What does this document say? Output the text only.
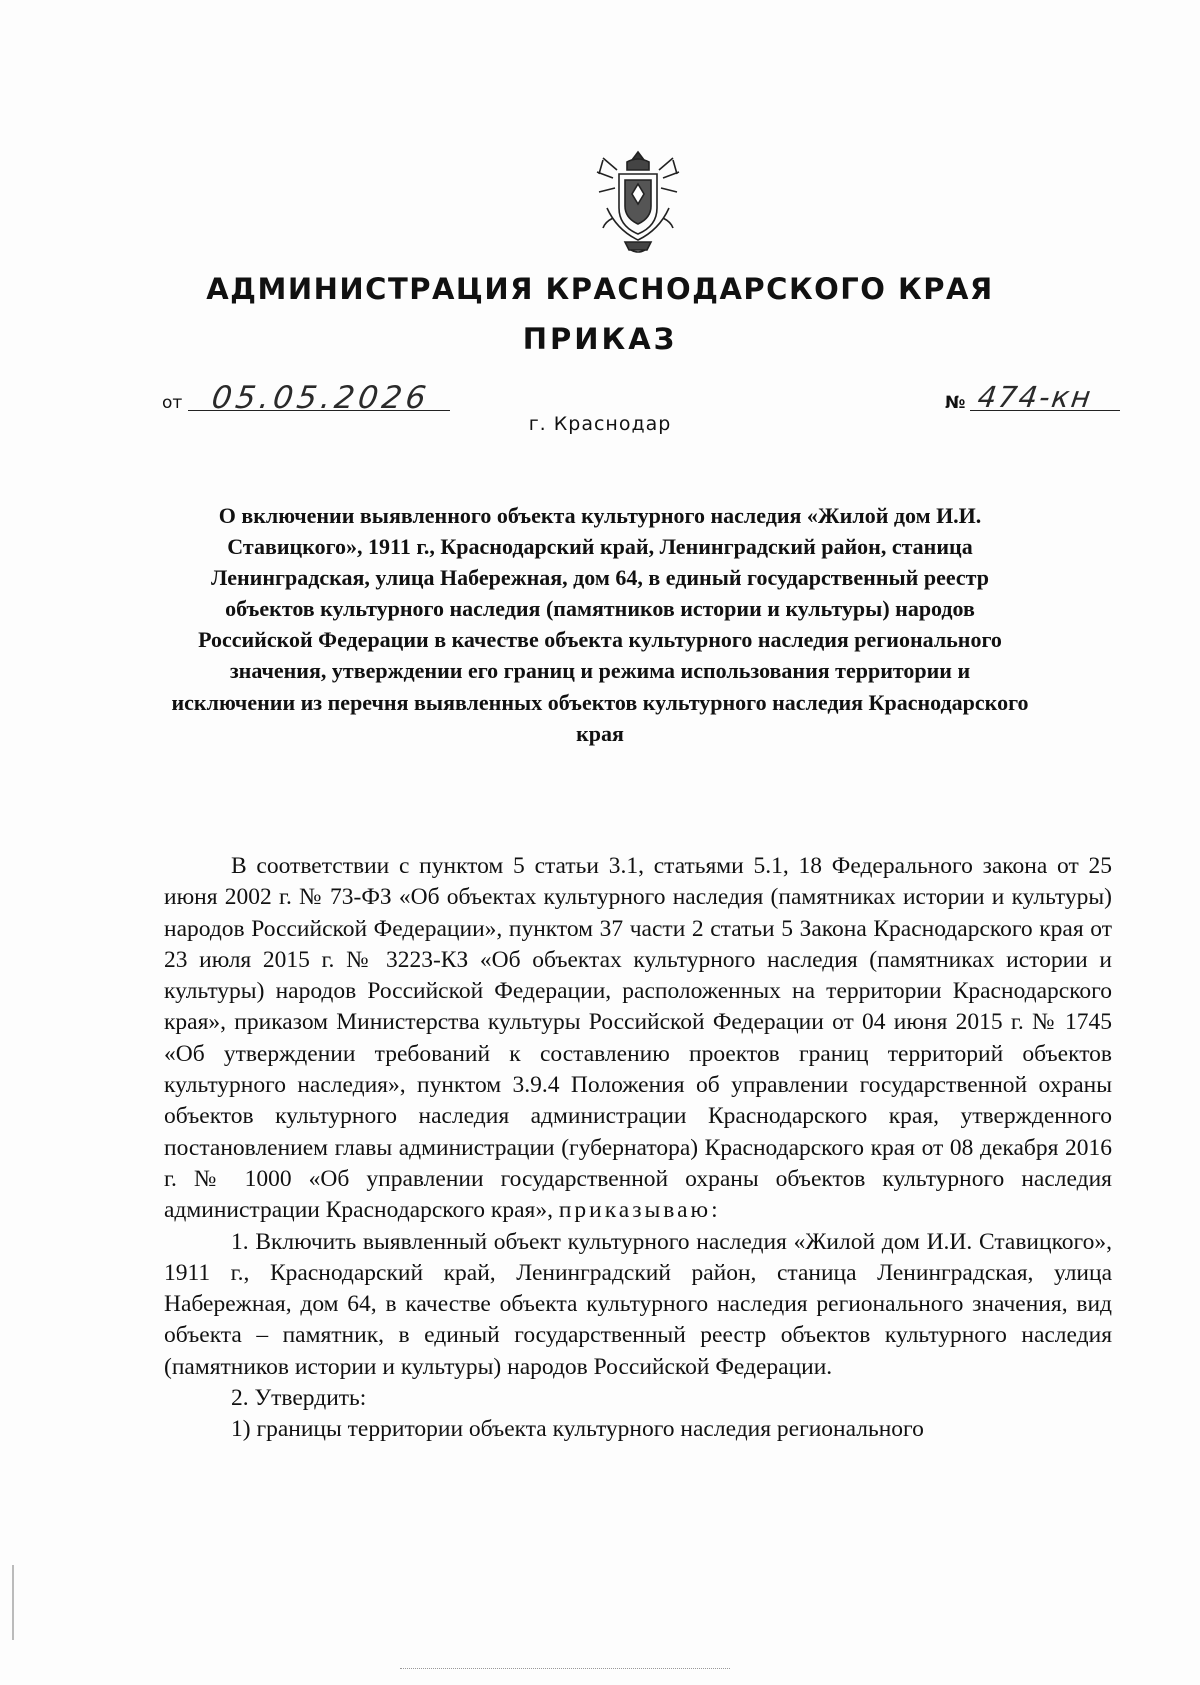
АДМИНИСТРАЦИЯ КРАСНОДАРСКОГО КРАЯ
ПРИКАЗ
от 05.05.2026	№ 474-кн
г. Краснодар

О включении выявленного объекта культурного наследия «Жилой дом И.И. Ставицкого», 1911 г., Краснодарский край, Ленинградский район, станица Ленинградская, улица Набережная, дом 64, в единый государственный реестр объектов культурного наследия (памятников истории и культуры) народов Российской Федерации в качестве объекта культурного наследия регионального значения, утверждении его границ и режима использования территории и исключении из перечня выявленных объектов культурного наследия Краснодарского края

В соответствии с пунктом 5 статьи 3.1, статьями 5.1, 18 Федерального закона от 25 июня 2002 г. № 73-ФЗ «Об объектах культурного наследия (памятниках истории и культуры) народов Российской Федерации», пунктом 37 части 2 статьи 5 Закона Краснодарского края от 23 июля 2015 г. № 3223-КЗ «Об объектах культурного наследия (памятниках истории и культуры) народов Российской Федерации, расположенных на территории Краснодарского края», приказом Министерства культуры Российской Федерации от 04 июня 2015 г. № 1745 «Об утверждении требований к составлению проектов границ территорий объектов культурного наследия», пунктом 3.9.4 Положения об управлении государственной охраны объектов культурного наследия администрации Краснодарского края, утвержденного постановлением главы администрации (губернатора) Краснодарского края от 08 декабря 2016 г. № 1000 «Об управлении государственной охраны объектов культурного наследия администрации Краснодарского края», приказываю:

1. Включить выявленный объект культурного наследия «Жилой дом И.И. Ставицкого», 1911 г., Краснодарский край, Ленинградский район, станица Ленинградская, улица Набережная, дом 64, в качестве объекта культурного наследия регионального значения, вид объекта – памятник, в единый государственный реестр объектов культурного наследия (памятников истории и культуры) народов Российской Федерации.

2. Утвердить:

1) границы территории объекта культурного наследия регионального
